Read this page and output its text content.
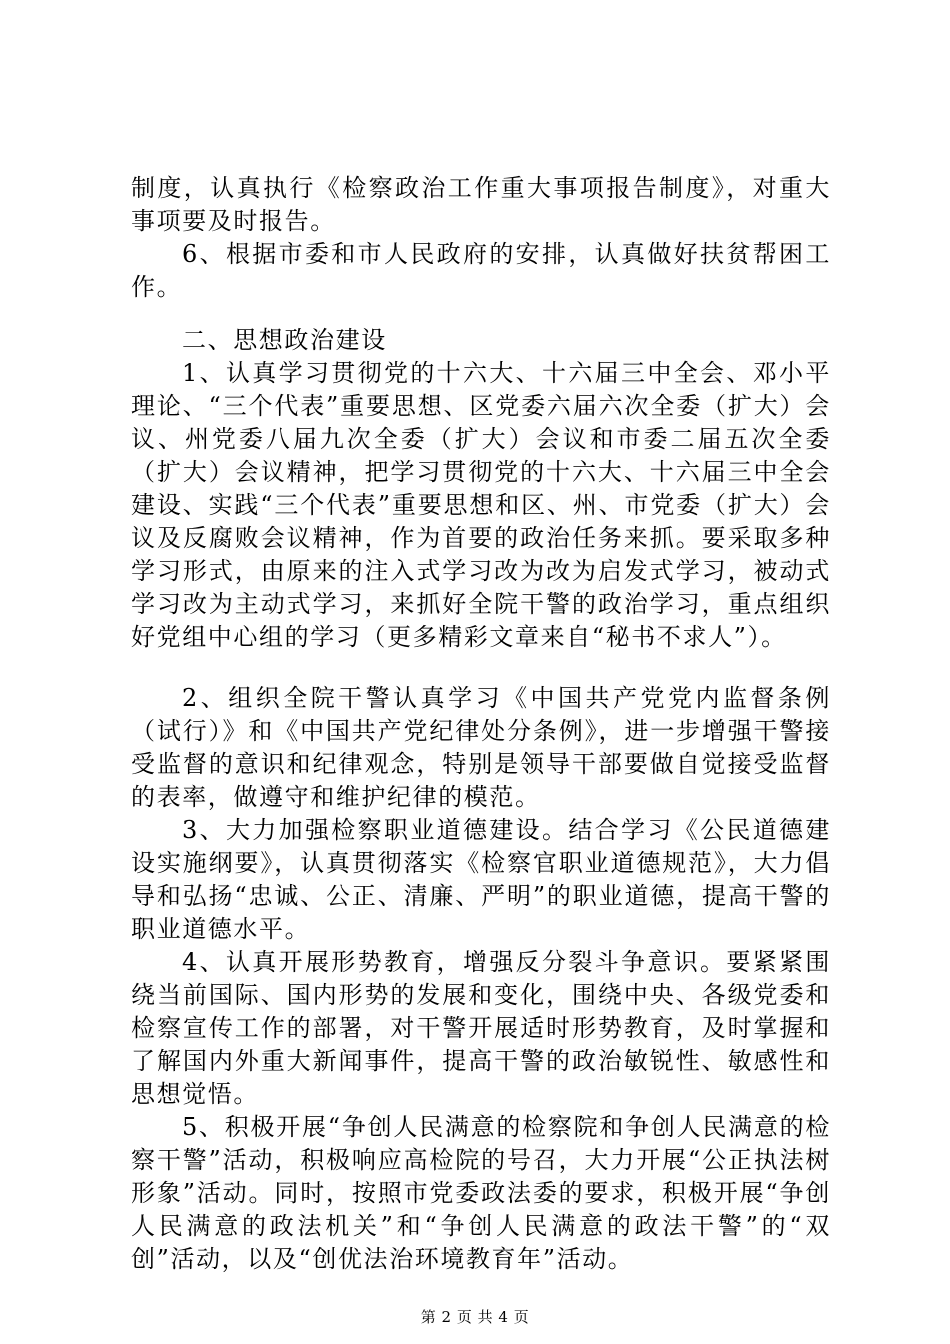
制度，认真执行《检察政治工作重大事项报告制度》，对重大事项要及时报告。

6、根据市委和市人民政府的安排，认真做好扶贫帮困工作。

二、思想政治建设

1、认真学习贯彻党的十六大、十六届三中全会、邓小平理论、“三个代表”重要思想、区党委六届六次全委（扩大）会议、州党委八届九次全委（扩大）会议和市委二届五次全委（扩大）会议精神，把学习贯彻党的十六大、十六届三中全会建设、实践“三个代表”重要思想和区、州、市党委（扩大）会议及反腐败会议精神，作为首要的政治任务来抓。要采取多种学习形式，由原来的注入式学习改为改为启发式学习，被动式学习改为主动式学习，来抓好全院干警的政治学习，重点组织好党组中心组的学习（更多精彩文章来自“秘书不求人”）。

2、组织全院干警认真学习《中国共产党党内监督条例（试行）》和《中国共产党纪律处分条例》，进一步增强干警接受监督的意识和纪律观念，特别是领导干部要做自觉接受监督的表率，做遵守和维护纪律的模范。

3、大力加强检察职业道德建设。结合学习《公民道德建设实施纲要》，认真贯彻落实《检察官职业道德规范》，大力倡导和弘扬“忠诚、公正、清廉、严明”的职业道德，提高干警的职业道德水平。

4、认真开展形势教育，增强反分裂斗争意识。要紧紧围绕当前国际、国内形势的发展和变化，围绕中央、各级党委和检察宣传工作的部署，对干警开展适时形势教育，及时掌握和了解国内外重大新闻事件，提高干警的政治敏锐性、敏感性和思想觉悟。

5、积极开展“争创人民满意的检察院和争创人民满意的检察干警”活动，积极响应高检院的号召，大力开展“公正执法树形象”活动。同时，按照市党委政法委的要求，积极开展“争创人民满意的政法机关”和“争创人民满意的政法干警”的“双创”活动，以及“创优法治环境教育年”活动。

第 2 页 共 4 页
